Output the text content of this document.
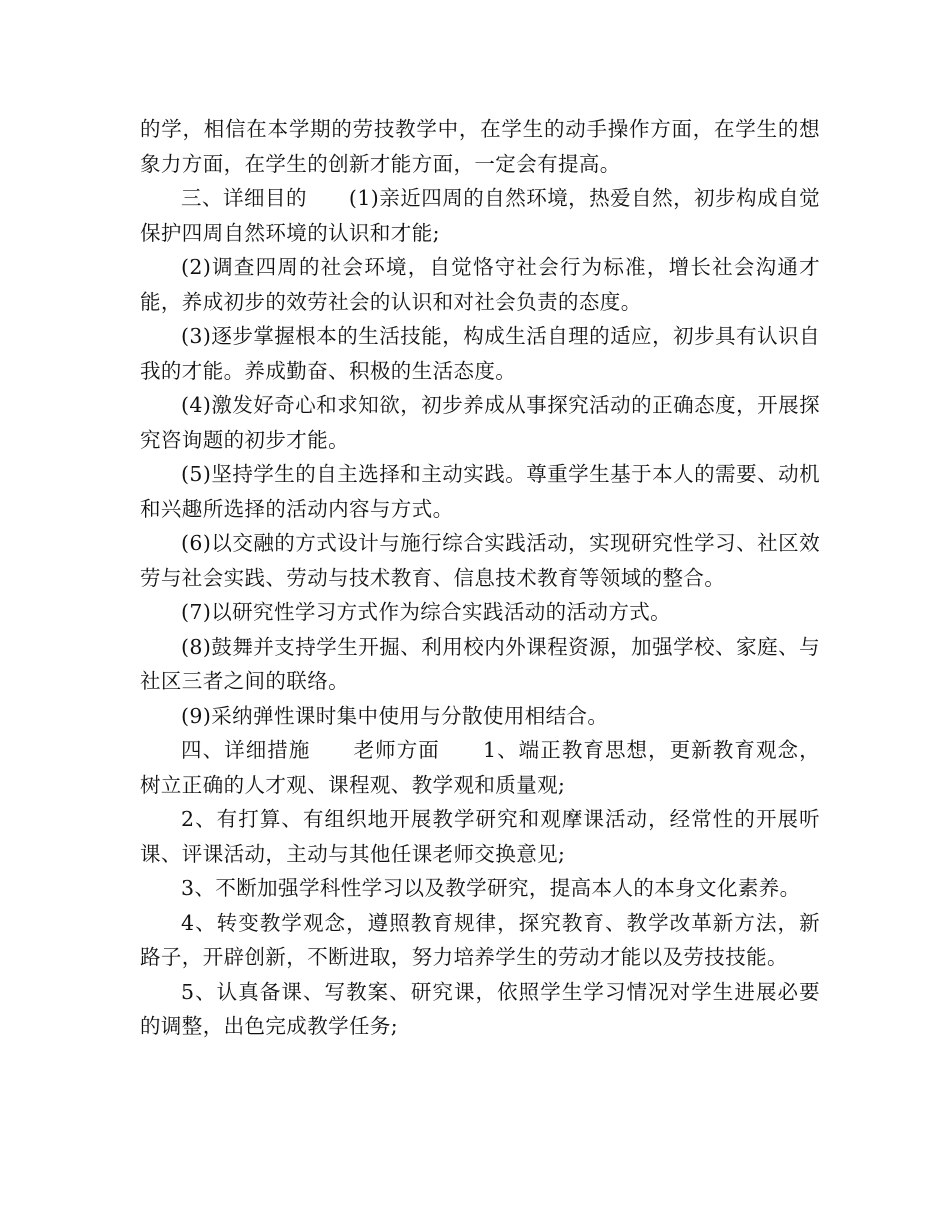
的学，相信在本学期的劳技教学中，在学生的动手操作方面，在学生的想象力方面，在学生的创新才能方面，一定会有提高。

三、详细目的　　(1)亲近四周的自然环境，热爱自然，初步构成自觉保护四周自然环境的认识和才能;

(2)调查四周的社会环境，自觉恪守社会行为标准，增长社会沟通才能，养成初步的效劳社会的认识和对社会负责的态度。

(3)逐步掌握根本的生活技能，构成生活自理的适应，初步具有认识自我的才能。养成勤奋、积极的生活态度。

(4)激发好奇心和求知欲，初步养成从事探究活动的正确态度，开展探究咨询题的初步才能。

(5)坚持学生的自主选择和主动实践。尊重学生基于本人的需要、动机和兴趣所选择的活动内容与方式。

(6)以交融的方式设计与施行综合实践活动，实现研究性学习、社区效劳与社会实践、劳动与技术教育、信息技术教育等领域的整合。

(7)以研究性学习方式作为综合实践活动的活动方式。

(8)鼓舞并支持学生开掘、利用校内外课程资源，加强学校、家庭、与社区三者之间的联络。

(9)采纳弹性课时集中使用与分散使用相结合。

四、详细措施　　老师方面　　1、端正教育思想，更新教育观念，树立正确的人才观、课程观、教学观和质量观;

2、有打算、有组织地开展教学研究和观摩课活动，经常性的开展听课、评课活动，主动与其他任课老师交换意见;

3、不断加强学科性学习以及教学研究，提高本人的本身文化素养。

4、转变教学观念，遵照教育规律，探究教育、教学改革新方法，新路子，开辟创新，不断进取，努力培养学生的劳动才能以及劳技技能。

5、认真备课、写教案、研究课，依照学生学习情况对学生进展必要的调整，出色完成教学任务;
